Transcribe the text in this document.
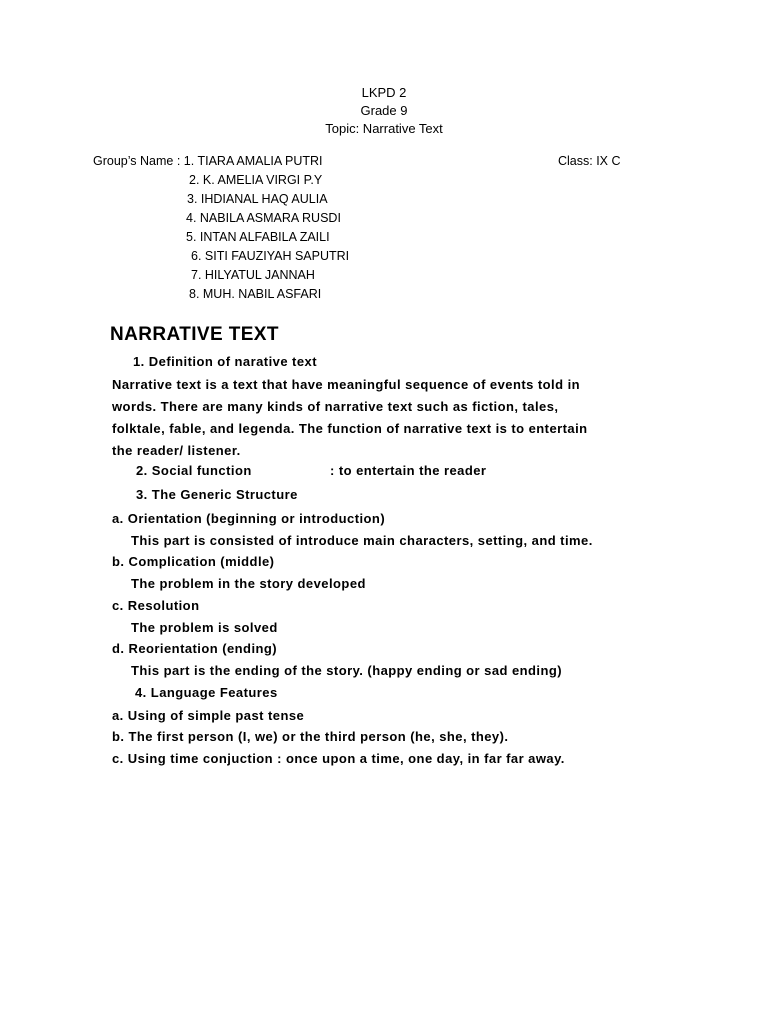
LKPD 2
Grade 9
Topic: Narrative Text
Group’s Name : 1. TIARA AMALIA PUTRI
2. K. AMELIA VIRGI P.Y
3. IHDIANAL HAQ AULIA
4. NABILA ASMARA RUSDI
5. INTAN ALFABILA ZAILI
6. SITI FAUZIYAH SAPUTRI
7. HILYATUL JANNAH
8. MUH. NABIL ASFARI
Class: IX C
NARRATIVE TEXT
1. Definition of narative text
Narrative text is a text that have meaningful sequence of events told in
words. There are many kinds of narrative text such as fiction, tales,
folktale, fable, and legenda. The function of narrative text is to entertain
the reader/ listener.
2. Social function	: to entertain the reader
3. The Generic Structure
a. Orientation (beginning or introduction)
This part is consisted of introduce main characters, setting, and time.
b. Complication (middle)
The problem in the story developed
c. Resolution
The problem is solved
d. Reorientation (ending)
This part is the ending of the story. (happy ending or sad ending)
4. Language Features
a. Using of simple past tense
b. The first person (I, we) or the third person (he, she, they).
c. Using time conjuction : once upon a time, one day, in far far away.
